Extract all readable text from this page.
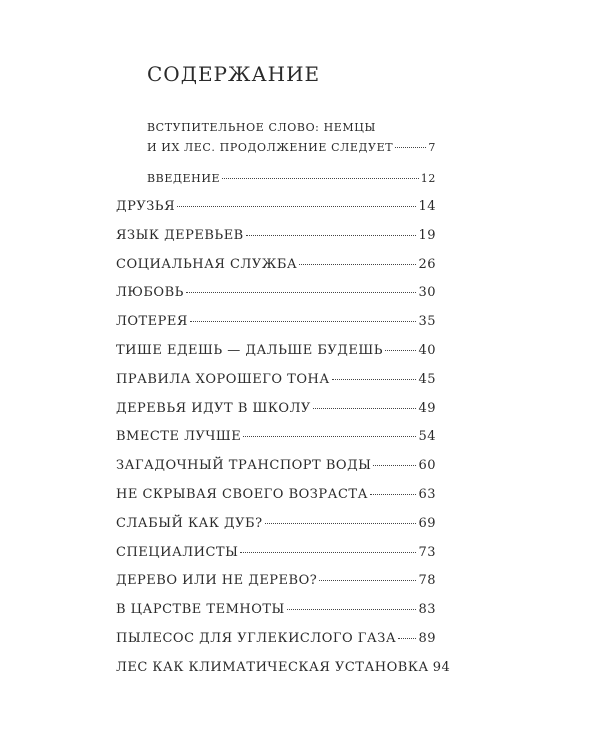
СОДЕРЖАНИЕ
ВСТУПИТЕЛЬНОЕ СЛОВО: НЕМЦЫ
И ИХ ЛЕС. ПРОДОЛЖЕНИЕ СЛЕДУЕТ	7
ВВЕДЕНИЕ	12
ДРУЗЬЯ	14
ЯЗЫК ДЕРЕВЬЕВ	19
СОЦИАЛЬНАЯ СЛУЖБА	26
ЛЮБОВЬ	30
ЛОТЕРЕЯ	35
ТИШЕ ЕДЕШЬ — ДАЛЬШЕ БУДЕШЬ	40
ПРАВИЛА ХОРОШЕГО ТОНА	45
ДЕРЕВЬЯ ИДУТ В ШКОЛУ	49
ВМЕСТЕ ЛУЧШЕ	54
ЗАГАДОЧНЫЙ ТРАНСПОРТ ВОДЫ	60
НЕ СКРЫВАЯ СВОЕГО ВОЗРАСТА	63
СЛАБЫЙ КАК ДУБ?	69
СПЕЦИАЛИСТЫ	73
ДЕРЕВО ИЛИ НЕ ДЕРЕВО?	78
В ЦАРСТВЕ ТЕМНОТЫ	83
ПЫЛЕСОС ДЛЯ УГЛЕКИСЛОГО ГАЗА 89
ЛЕС КАК КЛИМАТИЧЕСКАЯ УСТАНОВКА 94
